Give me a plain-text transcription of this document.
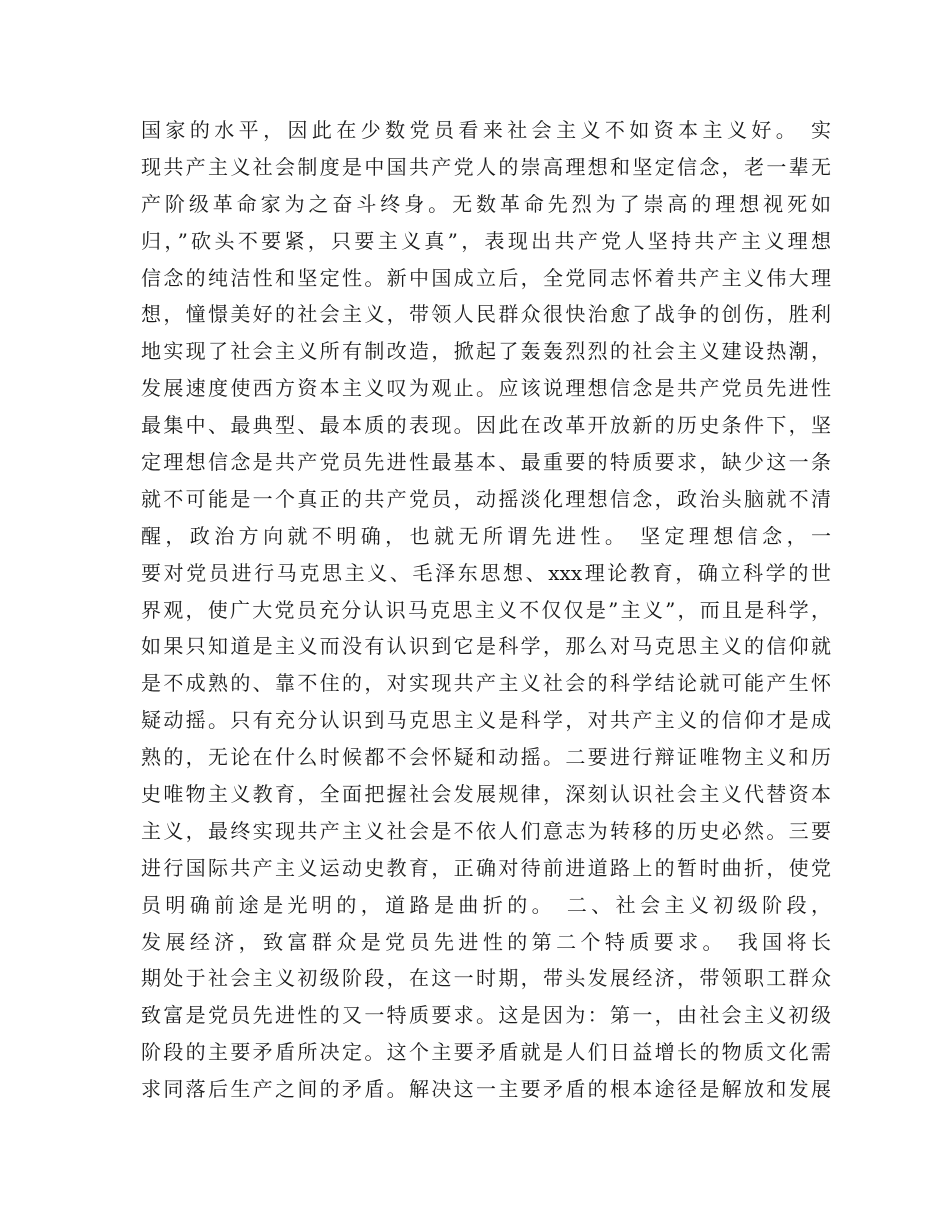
国家的水平，因此在少数党员看来社会主义不如资本主义好。 实
现共产主义社会制度是中国共产党人的崇高理想和坚定信念，老一辈无
产阶级革命家为之奋斗终身。无数革命先烈为了崇高的理想视死如
归，”砍头不要紧，只要主义真”，表现出共产党人坚持共产主义理想
信念的纯洁性和坚定性。新中国成立后，全党同志怀着共产主义伟大理
想，憧憬美好的社会主义，带领人民群众很快治愈了战争的创伤，胜利
地实现了社会主义所有制改造，掀起了轰轰烈烈的社会主义建设热潮，
发展速度使西方资本主义叹为观止。应该说理想信念是共产党员先进性
最集中、最典型、最本质的表现。因此在改革开放新的历史条件下，坚
定理想信念是共产党员先进性最基本、最重要的特质要求，缺少这一条
就不可能是一个真正的共产党员，动摇淡化理想信念，政治头脑就不清
醒，政治方向就不明确，也就无所谓先进性。 坚定理想信念，一
要对党员进行马克思主义、毛泽东思想、xxx理论教育，确立科学的世
界观，使广大党员充分认识马克思主义不仅仅是”主义”，而且是科学，
如果只知道是主义而没有认识到它是科学，那么对马克思主义的信仰就
是不成熟的、靠不住的，对实现共产主义社会的科学结论就可能产生怀
疑动摇。只有充分认识到马克思主义是科学，对共产主义的信仰才是成
熟的，无论在什么时候都不会怀疑和动摇。二要进行辩证唯物主义和历
史唯物主义教育，全面把握社会发展规律，深刻认识社会主义代替资本
主义，最终实现共产主义社会是不依人们意志为转移的历史必然。三要
进行国际共产主义运动史教育，正确对待前进道路上的暂时曲折，使党
员明确前途是光明的，道路是曲折的。 二、社会主义初级阶段，
发展经济，致富群众是党员先进性的第二个特质要求。 我国将长
期处于社会主义初级阶段，在这一时期，带头发展经济，带领职工群众
致富是党员先进性的又一特质要求。这是因为：第一，由社会主义初级
阶段的主要矛盾所决定。这个主要矛盾就是人们日益增长的物质文化需
求同落后生产之间的矛盾。解决这一主要矛盾的根本途径是解放和发展
